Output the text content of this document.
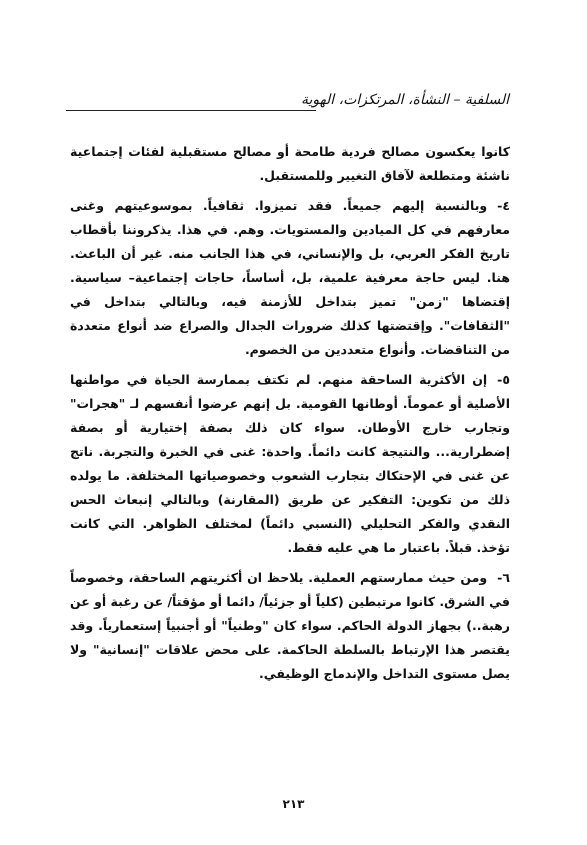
السلفية – النشأة، المرتكزات، الهوية

كانوا يعكسون مصالح فردية طامحة أو مصالح مستقبلية لفئات إجتماعية ناشئة ومتطلعة لآفاق التغيير وللمستقبل.

٤-وبالنسبة إليهم جميعاً. فقد تميزوا. ثقافياً. بموسوعيتهم وغنى معارفهم في كل الميادين والمستويات. وهم. في هذا. يذكروننا بأقطاب تاريخ الفكر العربي، بل والإنساني، في هذا الجانب منه. غير أن الباعث. هنا. ليس حاجة معرفية علمية، بل، أساساً، حاجات إجتماعية– سياسية. إقتضاها "زمن" تميز بتداخل للأزمنة فيه، وبالتالي بتداخل في "الثقافات". وإقتضتها كذلك ضرورات الجدال والصراع ضد أنواع متعددة من التناقضات. وأنواع متعددين من الخصوم.

٥-إن الأكثرية الساحقة منهم. لم تكتف بممارسة الحياة في مواطنها الأصلية أو عموماً. أوطانها القومية. بل إنهم عرضوا أنفسهم لـ "هجرات" وتجارب خارج الأوطان. سواء كان ذلك بصفة إختيارية أو بصفة إضطرارية... والنتيجة كانت دائماً. واحدة: غنى في الخبرة والتجربة. ناتج عن غنى في الإحتكاك بتجارب الشعوب وخصوصياتها المختلفة. ما يولده ذلك من تكوين: التفكير عن طريق (المقارنة) وبالتالي إنبعاث الحس النقدي والفكر التحليلي (النسبي دائماً) لمختلف الظواهر. التي كانت تؤخذ. قبلاً. باعتبار ما هي عليه فقط.

٦-ومن حيث ممارستهم العملية. يلاحظ ان أكثريتهم الساحقة، وخصوصاً في الشرق. كانوا مرتبطين (كلياً أو جزئياً/ دائما أو مؤقتاً/ عن رغبة أو عن رهبة..) بجهاز الدولة الحاكم. سواء كان "وطنياً" أو أجنبياً إستعمارياً. وقد يقتصر هذا الإرتباط بالسلطة الحاكمة. على محض علاقات "إنسانية" ولا يصل مستوى التداخل والإندماج الوظيفي.

٢١٣
